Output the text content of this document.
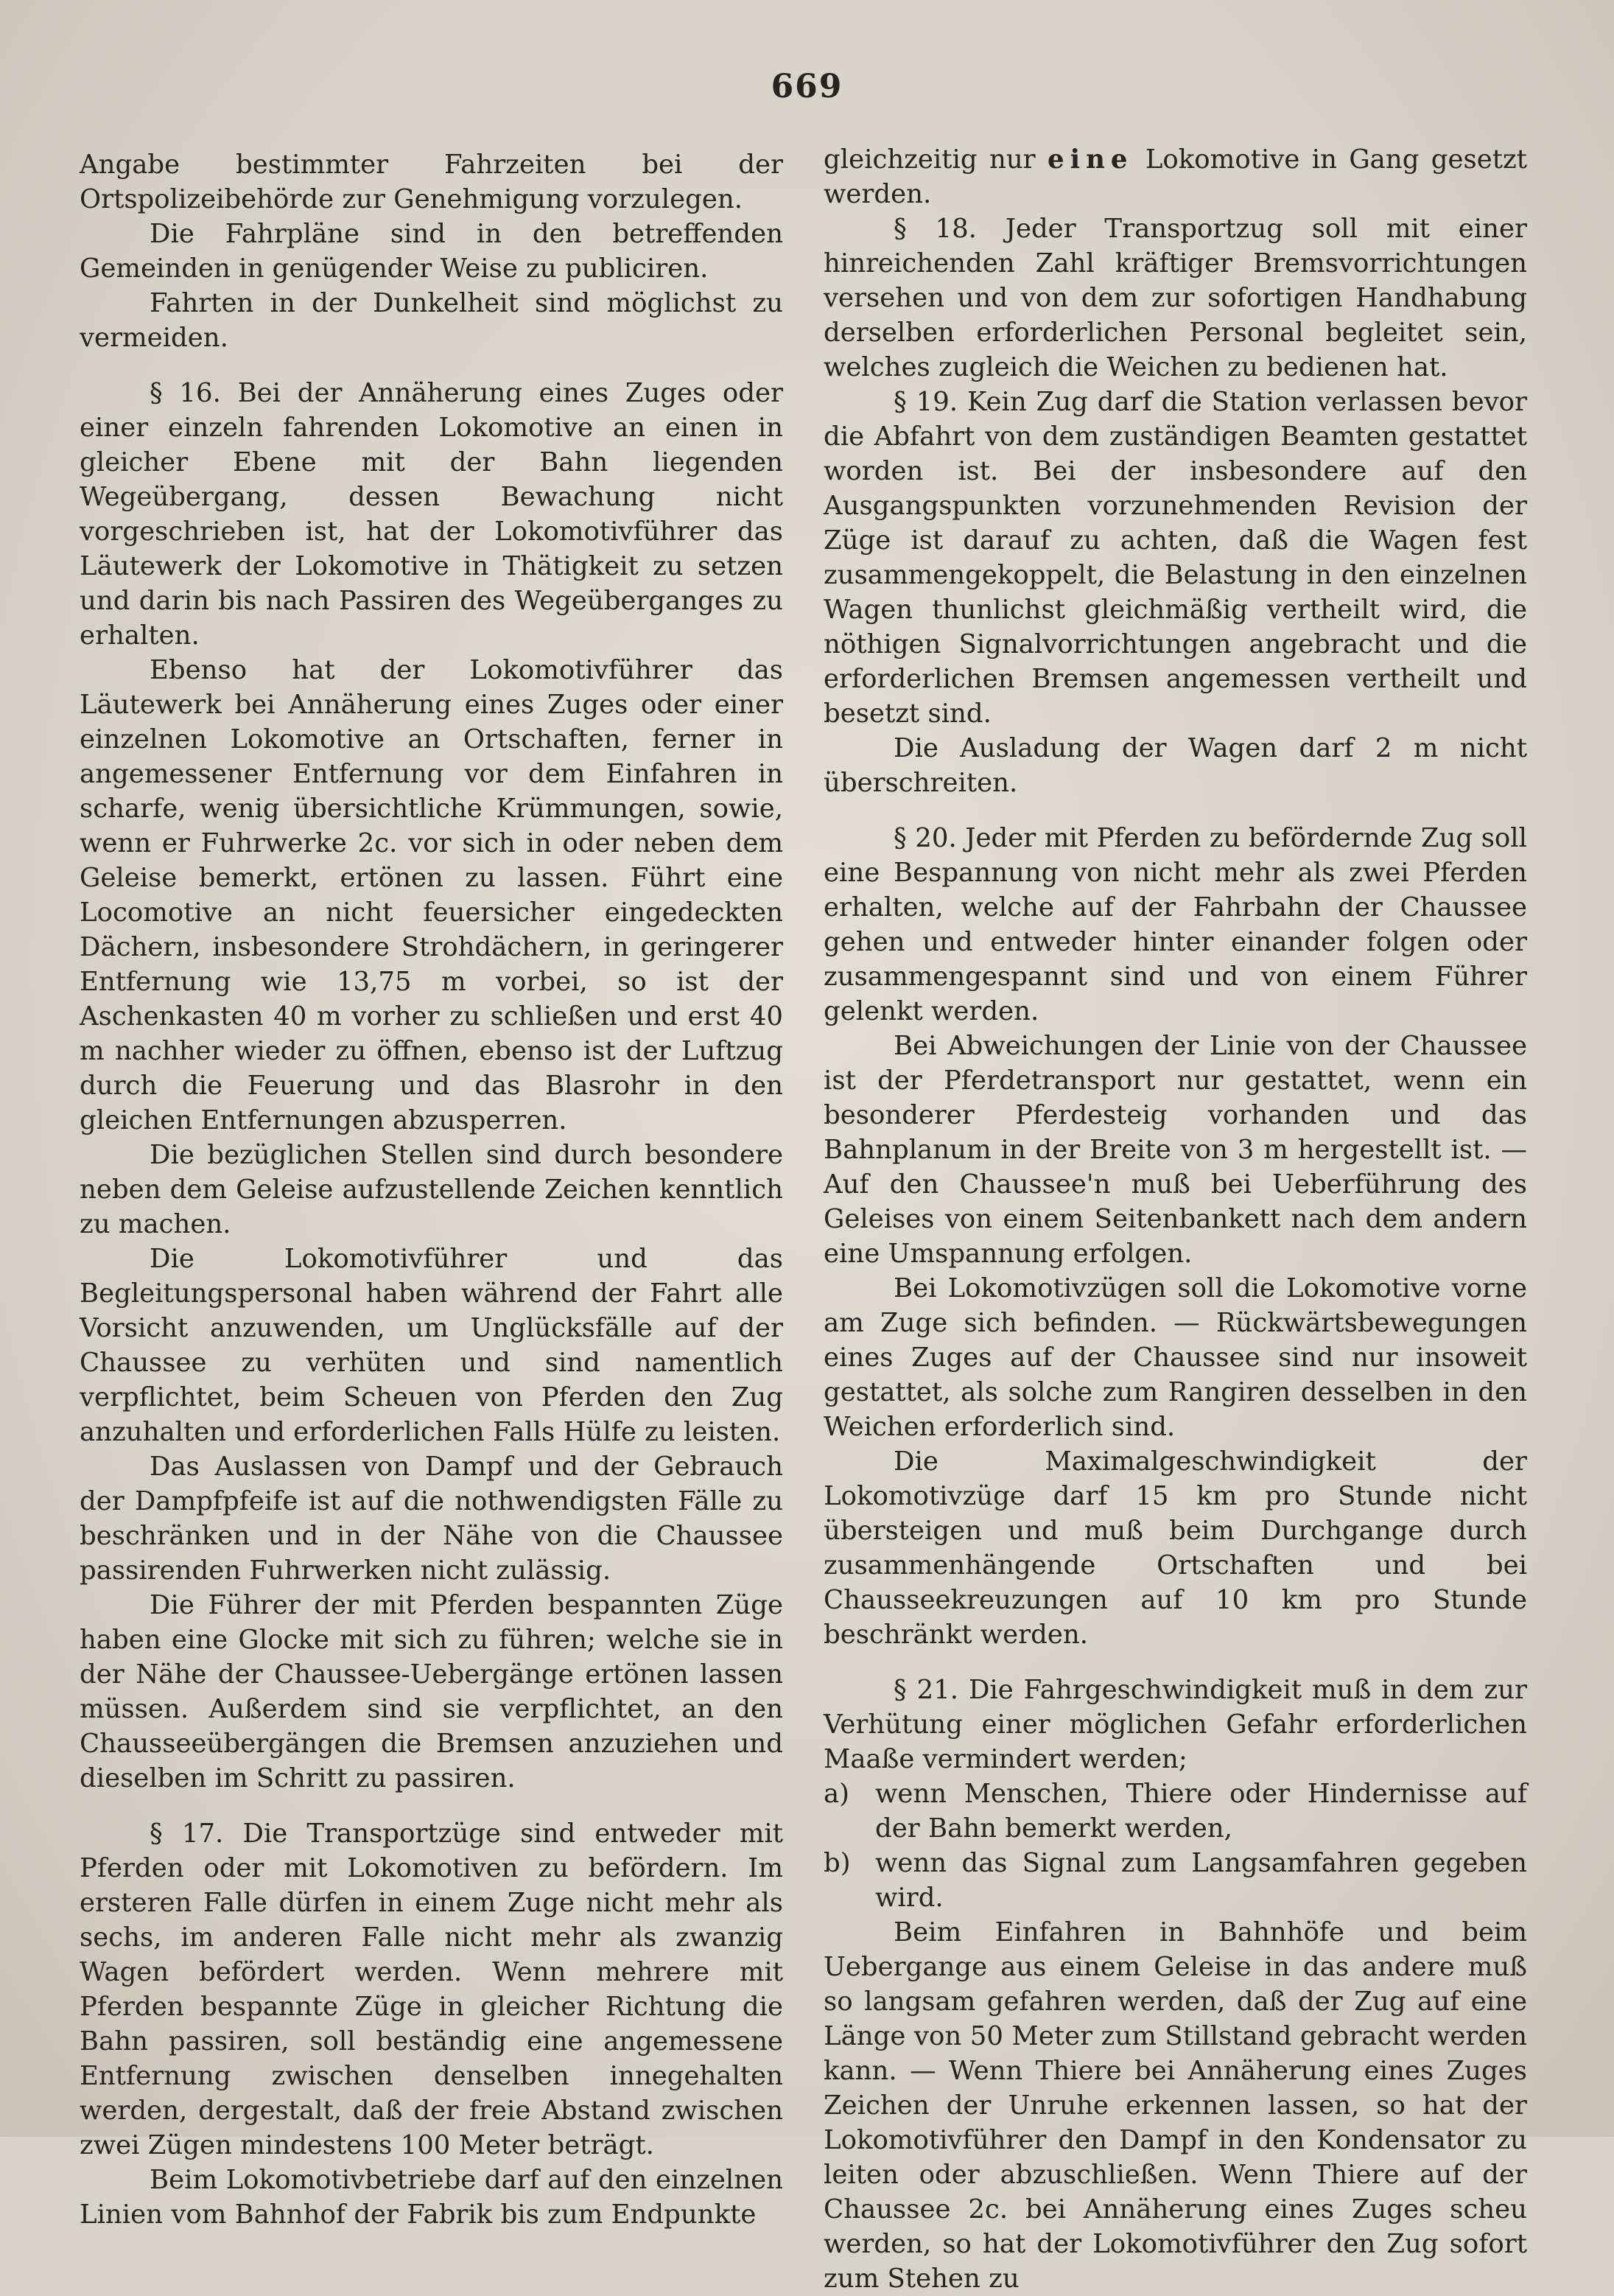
669

Angabe bestimmter Fahrzeiten bei der Ortspolizeibehörde zur Genehmigung vorzulegen.

Die Fahrpläne sind in den betreffenden Gemeinden in genügender Weise zu publiciren.

Fahrten in der Dunkelheit sind möglichst zu vermeiden.

§ 16. Bei der Annäherung eines Zuges oder einer einzeln fahrenden Lokomotive an einen in gleicher Ebene mit der Bahn liegenden Wegeübergang, dessen Bewachung nicht vorgeschrieben ist, hat der Lokomotivführer das Läutewerk der Lokomotive in Thätigkeit zu setzen und darin bis nach Passiren des Wegeüberganges zu erhalten.

Ebenso hat der Lokomotivführer das Läutewerk bei Annäherung eines Zuges oder einer einzelnen Lokomotive an Ortschaften, ferner in angemessener Entfernung vor dem Einfahren in scharfe, wenig übersichtliche Krümmungen, sowie, wenn er Fuhrwerke 2c. vor sich in oder neben dem Geleise bemerkt, ertönen zu lassen. Führt eine Locomotive an nicht feuersicher eingedeckten Dächern, insbesondere Strohdächern, in geringerer Entfernung wie 13,75 m vorbei, so ist der Aschenkasten 40 m vorher zu schließen und erst 40 m nachher wieder zu öffnen, ebenso ist der Luftzug durch die Feuerung und das Blasrohr in den gleichen Entfernungen abzusperren.

Die bezüglichen Stellen sind durch besondere neben dem Geleise aufzustellende Zeichen kenntlich zu machen.

Die Lokomotivführer und das Begleitungspersonal haben während der Fahrt alle Vorsicht anzuwenden, um Unglücksfälle auf der Chaussee zu verhüten und sind namentlich verpflichtet, beim Scheuen von Pferden den Zug anzuhalten und erforderlichen Falls Hülfe zu leisten.

Das Auslassen von Dampf und der Gebrauch der Dampfpfeife ist auf die nothwendigsten Fälle zu beschränken und in der Nähe von die Chaussee passirenden Fuhrwerken nicht zulässig.

Die Führer der mit Pferden bespannten Züge haben eine Glocke mit sich zu führen; welche sie in der Nähe der Chaussee-Uebergänge ertönen lassen müssen. Außerdem sind sie verpflichtet, an den Chausseeübergängen die Bremsen anzuziehen und dieselben im Schritt zu passiren.

§ 17. Die Transportzüge sind entweder mit Pferden oder mit Lokomotiven zu befördern. Im ersteren Falle dürfen in einem Zuge nicht mehr als sechs, im anderen Falle nicht mehr als zwanzig Wagen befördert werden. Wenn mehrere mit Pferden bespannte Züge in gleicher Richtung die Bahn passiren, soll beständig eine angemessene Entfernung zwischen denselben innegehalten werden, dergestalt, daß der freie Abstand zwischen zwei Zügen mindestens 100 Meter beträgt.

Beim Lokomotivbetriebe darf auf den einzelnen Linien vom Bahnhof der Fabrik bis zum Endpunkte

gleichzeitig nur eine Lokomotive in Gang gesetzt werden.

§ 18. Jeder Transportzug soll mit einer hinreichenden Zahl kräftiger Bremsvorrichtungen versehen und von dem zur sofortigen Handhabung derselben erforderlichen Personal begleitet sein, welches zugleich die Weichen zu bedienen hat.

§ 19. Kein Zug darf die Station verlassen bevor die Abfahrt von dem zuständigen Beamten gestattet worden ist. Bei der insbesondere auf den Ausgangspunkten vorzunehmenden Revision der Züge ist darauf zu achten, daß die Wagen fest zusammengekoppelt, die Belastung in den einzelnen Wagen thunlichst gleichmäßig vertheilt wird, die nöthigen Signalvorrichtungen angebracht und die erforderlichen Bremsen angemessen vertheilt und besetzt sind.

Die Ausladung der Wagen darf 2 m nicht überschreiten.

§ 20. Jeder mit Pferden zu befördernde Zug soll eine Bespannung von nicht mehr als zwei Pferden erhalten, welche auf der Fahrbahn der Chaussee gehen und entweder hinter einander folgen oder zusammengespannt sind und von einem Führer gelenkt werden.

Bei Abweichungen der Linie von der Chaussee ist der Pferdetransport nur gestattet, wenn ein besonderer Pferdesteig vorhanden und das Bahnplanum in der Breite von 3 m hergestellt ist. — Auf den Chaussee'n muß bei Ueberführung des Geleises von einem Seitenbankett nach dem andern eine Umspannung erfolgen.

Bei Lokomotivzügen soll die Lokomotive vorne am Zuge sich befinden. — Rückwärtsbewegungen eines Zuges auf der Chaussee sind nur insoweit gestattet, als solche zum Rangiren desselben in den Weichen erforderlich sind.

Die Maximalgeschwindigkeit der Lokomotivzüge darf 15 km pro Stunde nicht übersteigen und muß beim Durchgange durch zusammenhängende Ortschaften und bei Chausseekreuzungen auf 10 km pro Stunde beschränkt werden.

§ 21. Die Fahrgeschwindigkeit muß in dem zur Verhütung einer möglichen Gefahr erforderlichen Maaße vermindert werden;

a) wenn Menschen, Thiere oder Hindernisse auf der Bahn bemerkt werden,
b) wenn das Signal zum Langsamfahren gegeben wird.

Beim Einfahren in Bahnhöfe und beim Uebergange aus einem Geleise in das andere muß so langsam gefahren werden, daß der Zug auf eine Länge von 50 Meter zum Stillstand gebracht werden kann. — Wenn Thiere bei Annäherung eines Zuges Zeichen der Unruhe erkennen lassen, so hat der Lokomotivführer den Dampf in den Kondensator zu leiten oder abzuschließen. Wenn Thiere auf der Chaussee 2c. bei Annäherung eines Zuges scheu werden, so hat der Lokomotivführer den Zug sofort zum Stehen zu
